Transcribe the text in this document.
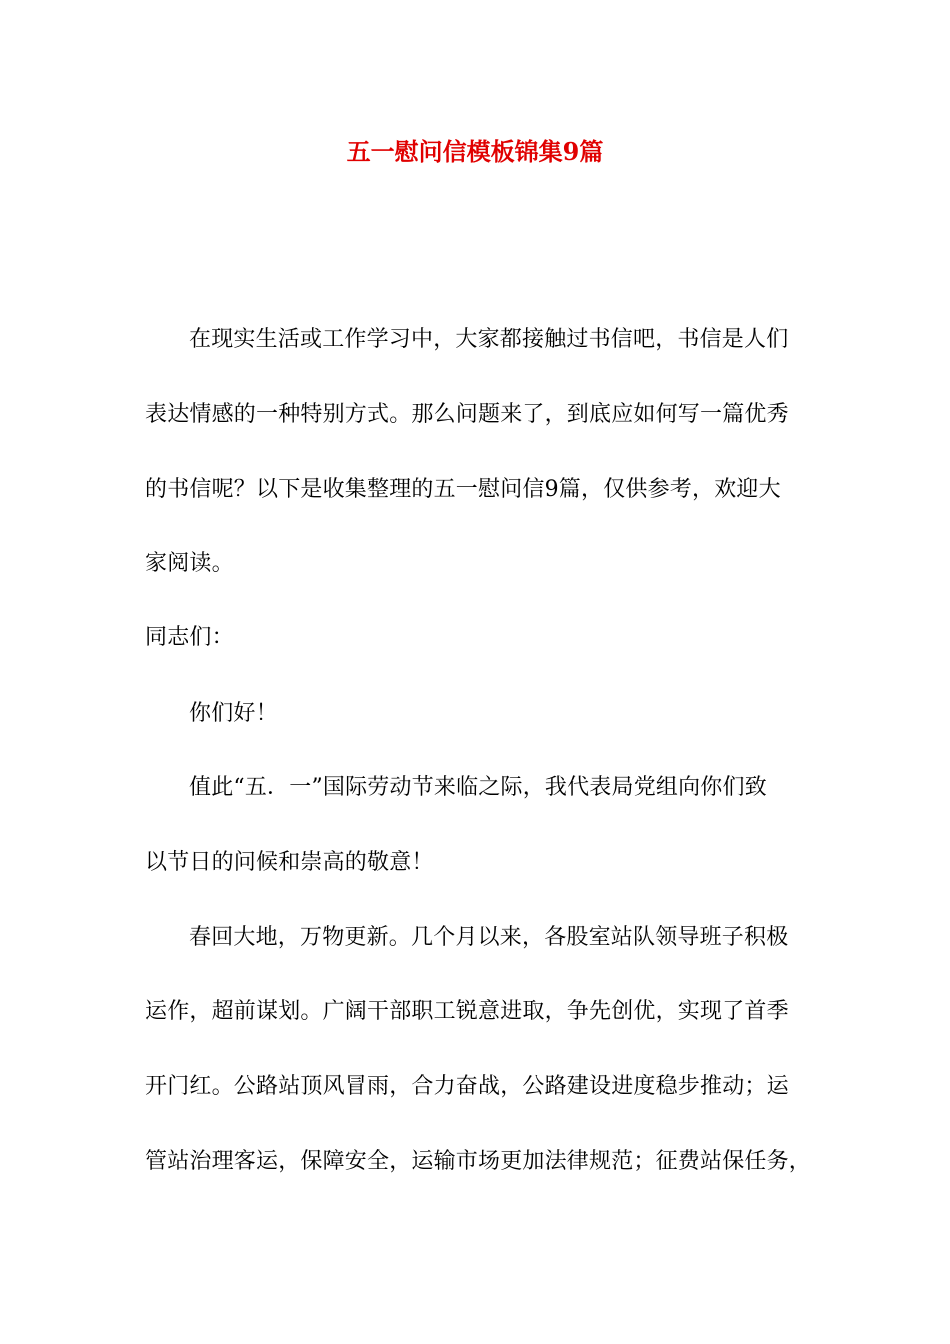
五一慰问信模板锦集9篇

在现实生活或工作学习中，大家都接触过书信吧，书信是人们

表达情感的一种特别方式。那么问题来了，到底应如何写一篇优秀

的书信呢？以下是收集整理的五一慰问信9篇，仅供参考，欢迎大

家阅读。

同志们：

你们好！

值此“五．一”国际劳动节来临之际，我代表局党组向你们致

以节日的问候和崇高的敬意！

春回大地，万物更新。几个月以来，各股室站队领导班子积极

运作，超前谋划。广阔干部职工锐意进取，争先创优，实现了首季

开门红。公路站顶风冒雨，合力奋战，公路建设进度稳步推动；运

管站治理客运，保障安全，运输市场更加法律规范；征费站保任务，
